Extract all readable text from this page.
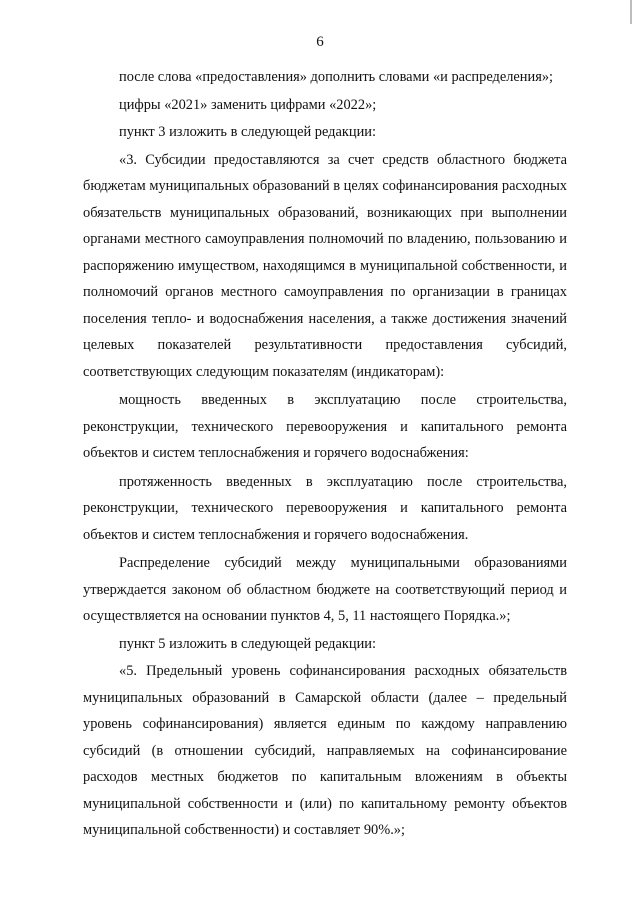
6

после слова «предоставления» дополнить словами «и распределения»;

цифры «2021» заменить цифрами «2022»;

пункт 3 изложить в следующей редакции:

«3. Субсидии предоставляются за счет средств областного бюджета бюджетам муниципальных образований в целях софинансирования расходных обязательств муниципальных образований, возникающих при выполнении органами местного самоуправления полномочий по владению, пользованию и распоряжению имуществом, находящимся в муниципальной собственности, и полномочий органов местного самоуправления по организации в границах поселения тепло- и водоснабжения населения, а также достижения значений целевых показателей результативности предоставления субсидий, соответствующих следующим показателям (индикаторам):

мощность введенных в эксплуатацию после строительства, реконструкции, технического перевооружения и капитального ремонта объектов и систем теплоснабжения и горячего водоснабжения:

протяженность введенных в эксплуатацию после строительства, реконструкции, технического перевооружения и капитального ремонта объектов и систем теплоснабжения и горячего водоснабжения.

Распределение субсидий между муниципальными образованиями утверждается законом об областном бюджете на соответствующий период и осуществляется на основании пунктов 4, 5, 11 настоящего Порядка.»;

пункт 5 изложить в следующей редакции:

«5. Предельный уровень софинансирования расходных обязательств муниципальных образований в Самарской области (далее – предельный уровень софинансирования) является единым по каждому направлению субсидий (в отношении субсидий, направляемых на софинансирование расходов местных бюджетов по капитальным вложениям в объекты муниципальной собственности и (или) по капитальному ремонту объектов муниципальной собственности) и составляет 90%.»;
